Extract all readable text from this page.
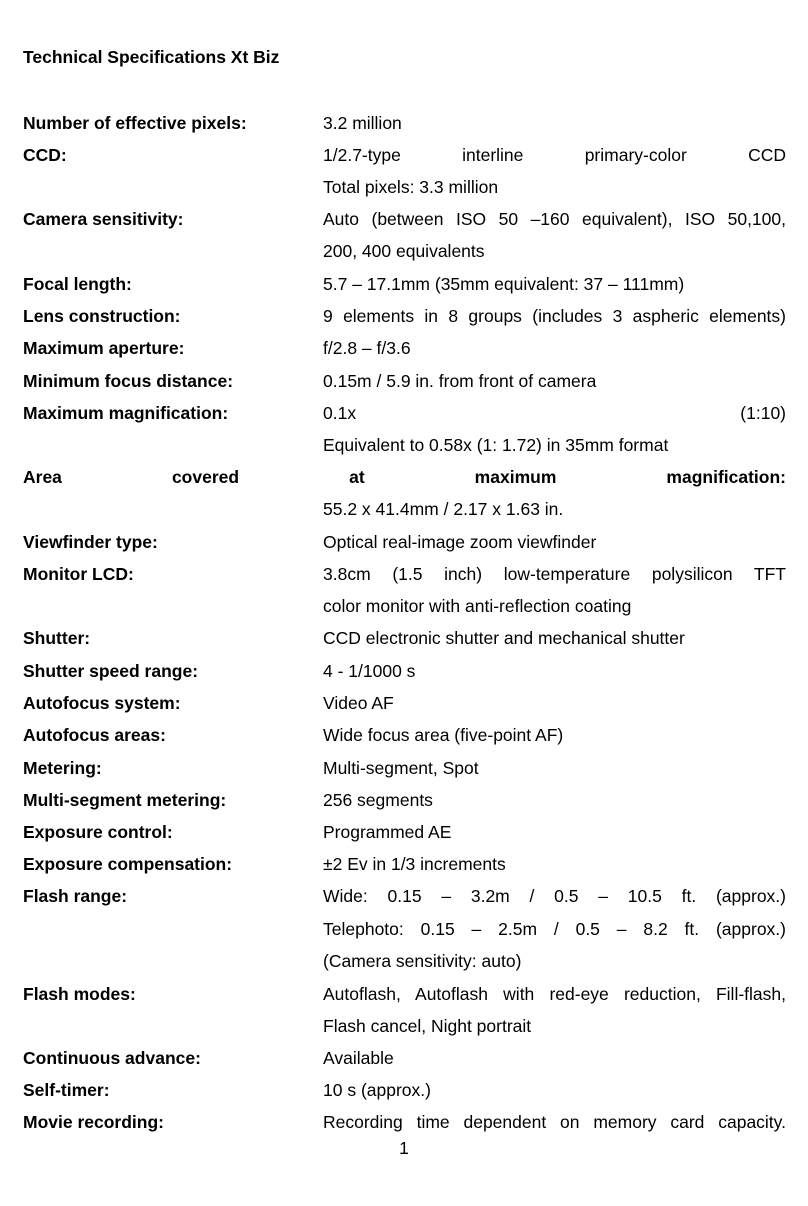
Technical Specifications Xt Biz
Number of effective pixels:	3.2 million
CCD:	1/2.7-type interline primary-color CCD
Total pixels: 3.3 million
Camera sensitivity:	Auto (between ISO 50 –160 equivalent), ISO 50,100,
200, 400 equivalents
Focal length:	5.7 – 17.1mm (35mm equivalent: 37 – 111mm)
Lens construction:	9 elements in 8 groups (includes 3 aspheric elements)
Maximum aperture:	f/2.8 – f/3.6
Minimum focus distance:	0.15m / 5.9 in. from front of camera
Maximum magnification:	0.1x (1:10)
Equivalent to 0.58x (1: 1.72) in 35mm format
Area covered at maximum magnification:
55.2 x 41.4mm / 2.17 x 1.63 in.
Viewfinder type:	Optical real-image zoom viewfinder
Monitor LCD:	3.8cm (1.5 inch) low-temperature polysilicon TFT
color monitor with anti-reflection coating
Shutter:	CCD electronic shutter and mechanical shutter
Shutter speed range:	4 - 1/1000 s
Autofocus system:	Video AF
Autofocus areas:	Wide focus area (five-point AF)
Metering:	Multi-segment, Spot
Multi-segment metering:	256 segments
Exposure control:	Programmed AE
Exposure compensation:	±2 Ev in 1/3 increments
Flash range:	Wide: 0.15 – 3.2m / 0.5 – 10.5 ft. (approx.)
Telephoto: 0.15 – 2.5m / 0.5 – 8.2 ft. (approx.)
(Camera sensitivity: auto)
Flash modes:	Autoflash, Autoflash with red-eye reduction, Fill-flash,
Flash cancel, Night portrait
Continuous advance:	Available
Self-timer:	10 s (approx.)
Movie recording:	Recording time dependent on memory card capacity.
1
